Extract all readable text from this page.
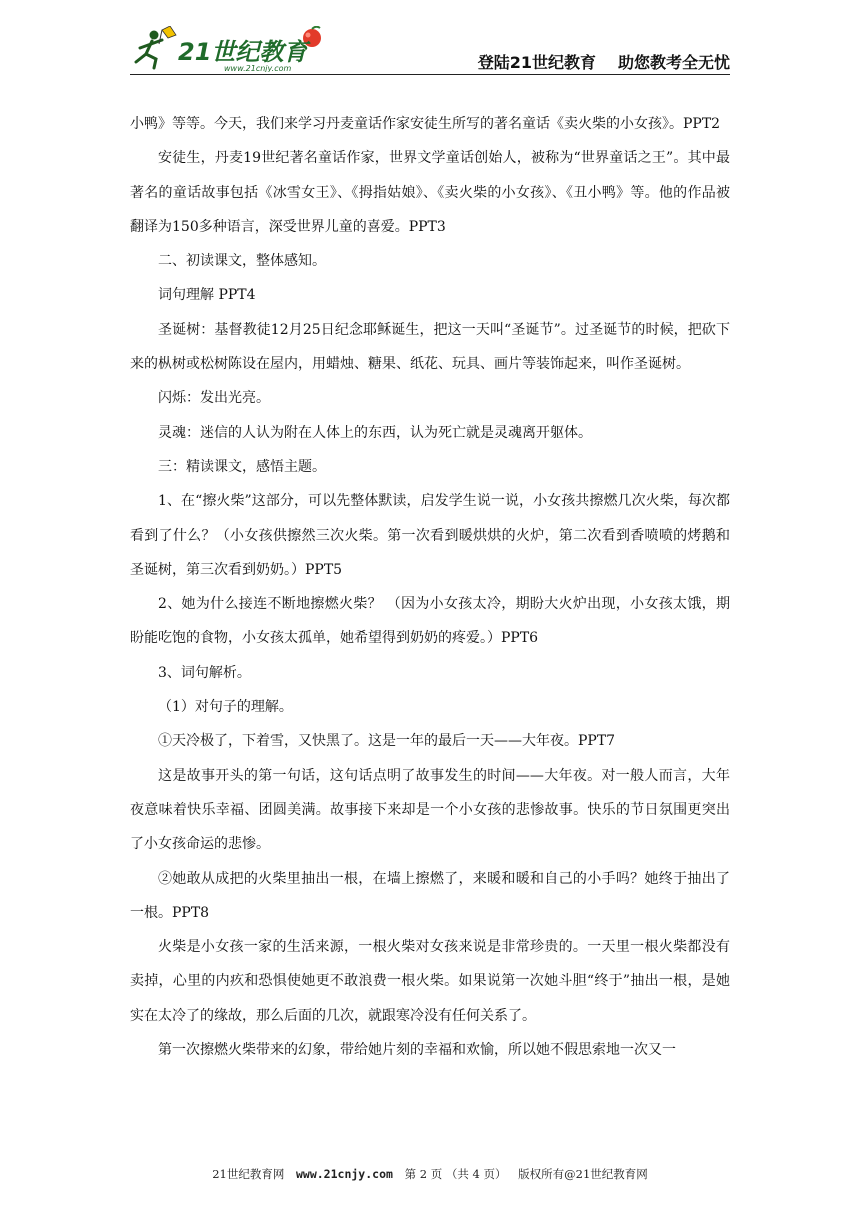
21世纪教育
www.21cnjy.com	登陆21世纪教育 助您教考全无忧

小鸭》等等。今天，我们来学习丹麦童话作家安徒生所写的著名童话《卖火柴的小女孩》。PPT2

安徒生，丹麦19世纪著名童话作家，世界文学童话创始人，被称为“世界童话之王”。其中最著名的童话故事包括《冰雪女王》、《拇指姑娘》、《卖火柴的小女孩》、《丑小鸭》等。他的作品被翻译为150多种语言，深受世界儿童的喜爱。PPT3

二、初读课文，整体感知。

词句理解 PPT4

圣诞树：基督教徒12月25日纪念耶稣诞生，把这一天叫“圣诞节”。过圣诞节的时候，把砍下来的枞树或松树陈设在屋内，用蜡烛、糖果、纸花、玩具、画片等装饰起来，叫作圣诞树。

闪烁：发出光亮。

灵魂：迷信的人认为附在人体上的东西，认为死亡就是灵魂离开躯体。

三：精读课文，感悟主题。

1、在“擦火柴”这部分，可以先整体默读，启发学生说一说，小女孩共擦燃几次火柴，每次都看到了什么？（小女孩供擦然三次火柴。第一次看到暖烘烘的火炉，第二次看到香喷喷的烤鹅和圣诞树，第三次看到奶奶。）PPT5

2、她为什么接连不断地擦燃火柴？ （因为小女孩太冷，期盼大火炉出现，小女孩太饿，期盼能吃饱的食物，小女孩太孤单，她希望得到奶奶的疼爱。）PPT6

3、词句解析。

（1）对句子的理解。

①天冷极了，下着雪，又快黑了。这是一年的最后一天——大年夜。PPT7

这是故事开头的第一句话，这句话点明了故事发生的时间——大年夜。对一般人而言，大年夜意味着快乐幸福、团圆美满。故事接下来却是一个小女孩的悲惨故事。快乐的节日氛围更突出了小女孩命运的悲惨。

②她敢从成把的火柴里抽出一根，在墙上擦燃了，来暖和暖和自己的小手吗？她终于抽出了一根。PPT8

火柴是小女孩一家的生活来源，一根火柴对女孩来说是非常珍贵的。一天里一根火柴都没有卖掉，心里的内疚和恐惧使她更不敢浪费一根火柴。如果说第一次她斗胆“终于”抽出一根，是她实在太冷了的缘故，那么后面的几次，就跟寒冷没有任何关系了。

第一次擦燃火柴带来的幻象，带给她片刻的幸福和欢愉，所以她不假思索地一次又一

21世纪教育网 www.21cnjy.com 第 2 页 （共 4 页） 版权所有@21世纪教育网
